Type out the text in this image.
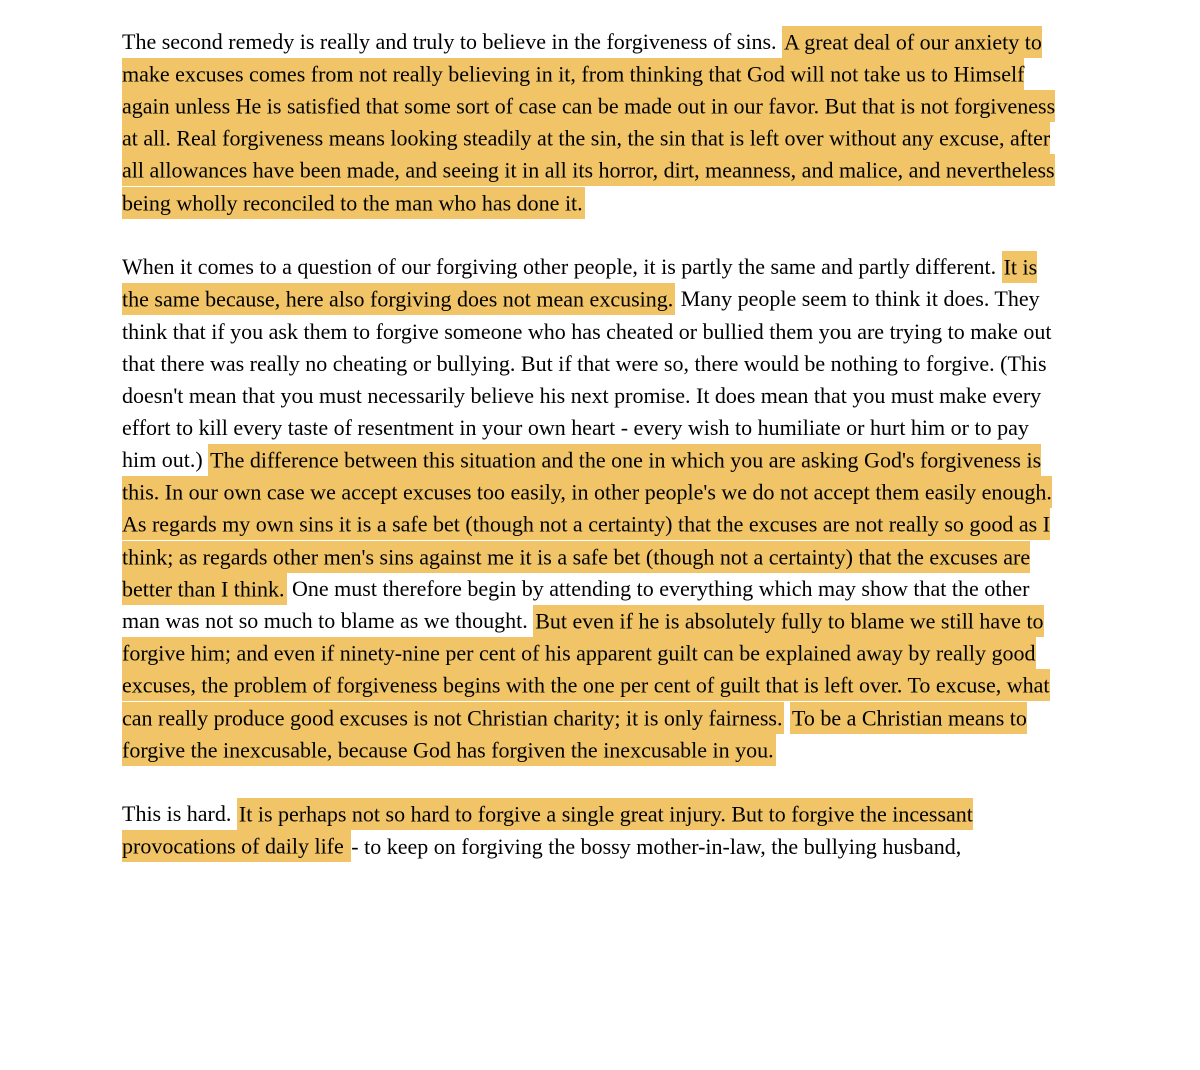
The second remedy is really and truly to believe in the forgiveness of sins. A great deal of our anxiety to make excuses comes from not really believing in it, from thinking that God will not take us to Himself again unless He is satisfied that some sort of case can be made out in our favor. But that is not forgiveness at all. Real forgiveness means looking steadily at the sin, the sin that is left over without any excuse, after all allowances have been made, and seeing it in all its horror, dirt, meanness, and malice, and nevertheless being wholly reconciled to the man who has done it.

When it comes to a question of our forgiving other people, it is partly the same and partly different. It is the same because, here also forgiving does not mean excusing. Many people seem to think it does. They think that if you ask them to forgive someone who has cheated or bullied them you are trying to make out that there was really no cheating or bullying. But if that were so, there would be nothing to forgive. (This doesn't mean that you must necessarily believe his next promise. It does mean that you must make every effort to kill every taste of resentment in your own heart - every wish to humiliate or hurt him or to pay him out.) The difference between this situation and the one in which you are asking God's forgiveness is this. In our own case we accept excuses too easily, in other people's we do not accept them easily enough. As regards my own sins it is a safe bet (though not a certainty) that the excuses are not really so good as I think; as regards other men's sins against me it is a safe bet (though not a certainty) that the excuses are better than I think. One must therefore begin by attending to everything which may show that the other man was not so much to blame as we thought. But even if he is absolutely fully to blame we still have to forgive him; and even if ninety-nine per cent of his apparent guilt can be explained away by really good excuses, the problem of forgiveness begins with the one per cent of guilt that is left over. To excuse, what can really produce good excuses is not Christian charity; it is only fairness. To be a Christian means to forgive the inexcusable, because God has forgiven the inexcusable in you.

This is hard. It is perhaps not so hard to forgive a single great injury. But to forgive the incessant provocations of daily life - to keep on forgiving the bossy mother-in-law, the bullying husband,
